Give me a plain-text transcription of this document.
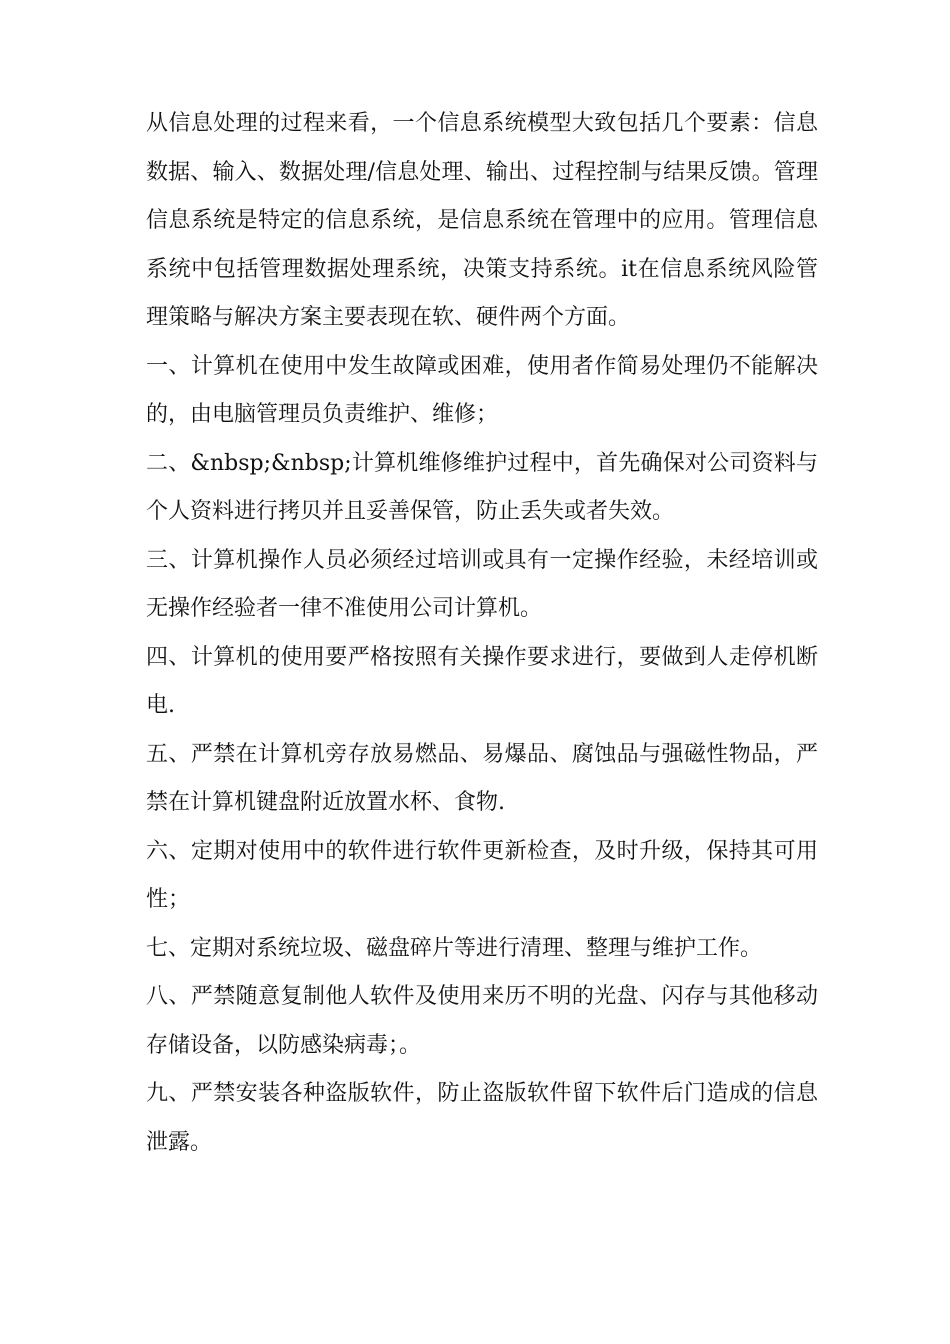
从信息处理的过程来看，一个信息系统模型大致包括几个要素：信息数据、输入、数据处理/信息处理、输出、过程控制与结果反馈。管理信息系统是特定的信息系统，是信息系统在管理中的应用。管理信息系统中包括管理数据处理系统，决策支持系统。it在信息系统风险管理策略与解决方案主要表现在软、硬件两个方面。

一、计算机在使用中发生故障或困难，使用者作简易处理仍不能解决的，由电脑管理员负责维护、维修；

二、&nbsp;&nbsp;计算机维修维护过程中，首先确保对公司资料与个人资料进行拷贝并且妥善保管，防止丢失或者失效。

三、计算机操作人员必须经过培训或具有一定操作经验，未经培训或无操作经验者一律不准使用公司计算机。

四、计算机的使用要严格按照有关操作要求进行，要做到人走停机断电.

五、严禁在计算机旁存放易燃品、易爆品、腐蚀品与强磁性物品，严禁在计算机键盘附近放置水杯、食物.

六、定期对使用中的软件进行软件更新检查，及时升级，保持其可用性；

七、定期对系统垃圾、磁盘碎片等进行清理、整理与维护工作。

八、严禁随意复制他人软件及使用来历不明的光盘、闪存与其他移动存储设备，以防感染病毒；。

九、严禁安装各种盗版软件，防止盗版软件留下软件后门造成的信息泄露。
